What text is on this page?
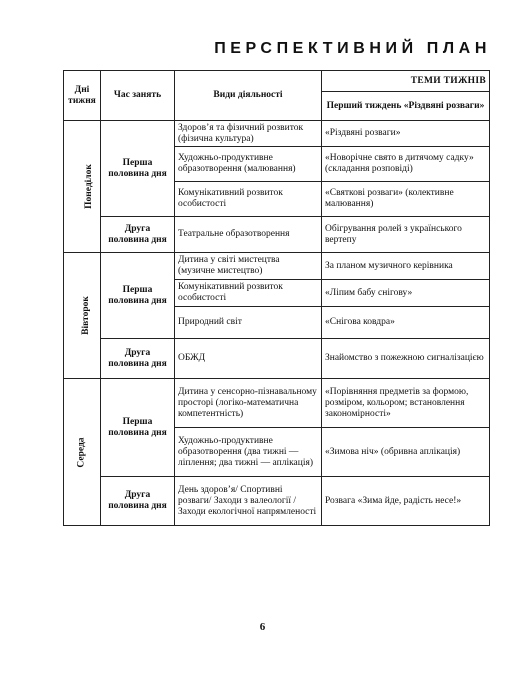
ПЕРСПЕКТИВНИЙ ПЛАН
Дні тижня	Час занять	Види діяльності	ТЕМИ ТИЖНІВ
			Перший тиждень «Різдвяні розваги»
Понеділок	Перша половина дня	Здоров’я та фізичний розвиток (фізична культура)	«Різдвяні розваги»
		Художньо-продуктивне образотворення (малювання)	«Новорічне свято в дитячому садку» (складання розповіді)
		Комунікативний розвиток особистості	«Святкові розваги» (колективне малювання)
	Друга половина дня	Театральне образотворення	Обігрування ролей з українського вертепу
Вівторок	Перша половина дня	Дитина у світі мистецтва (музичне мистецтво)	За планом музичного керівника
		Комунікативний розвиток особистості	«Ліпим бабу снігову»
		Природний світ	«Снігова ковдра»
	Друга половина дня	ОБЖД	Знайомство з пожежною сигналізацією
Середа	Перша половина дня	Дитина у сенсорно-пізнавальному просторі (логіко-математична компетентність)	«Порівняння предметів за формою, розміром, кольором; встановлення закономірності»
		Художньо-продуктивне образотворення (два тижні — ліплення; два тижні — аплікація)	«Зимова ніч» (обривна аплікація)
	Друга половина дня	День здоров’я/ Спортивні розваги/ Заходи з валеології /Заходи екологічної напрямленості	Розвага «Зима йде, радість несе!»
6
